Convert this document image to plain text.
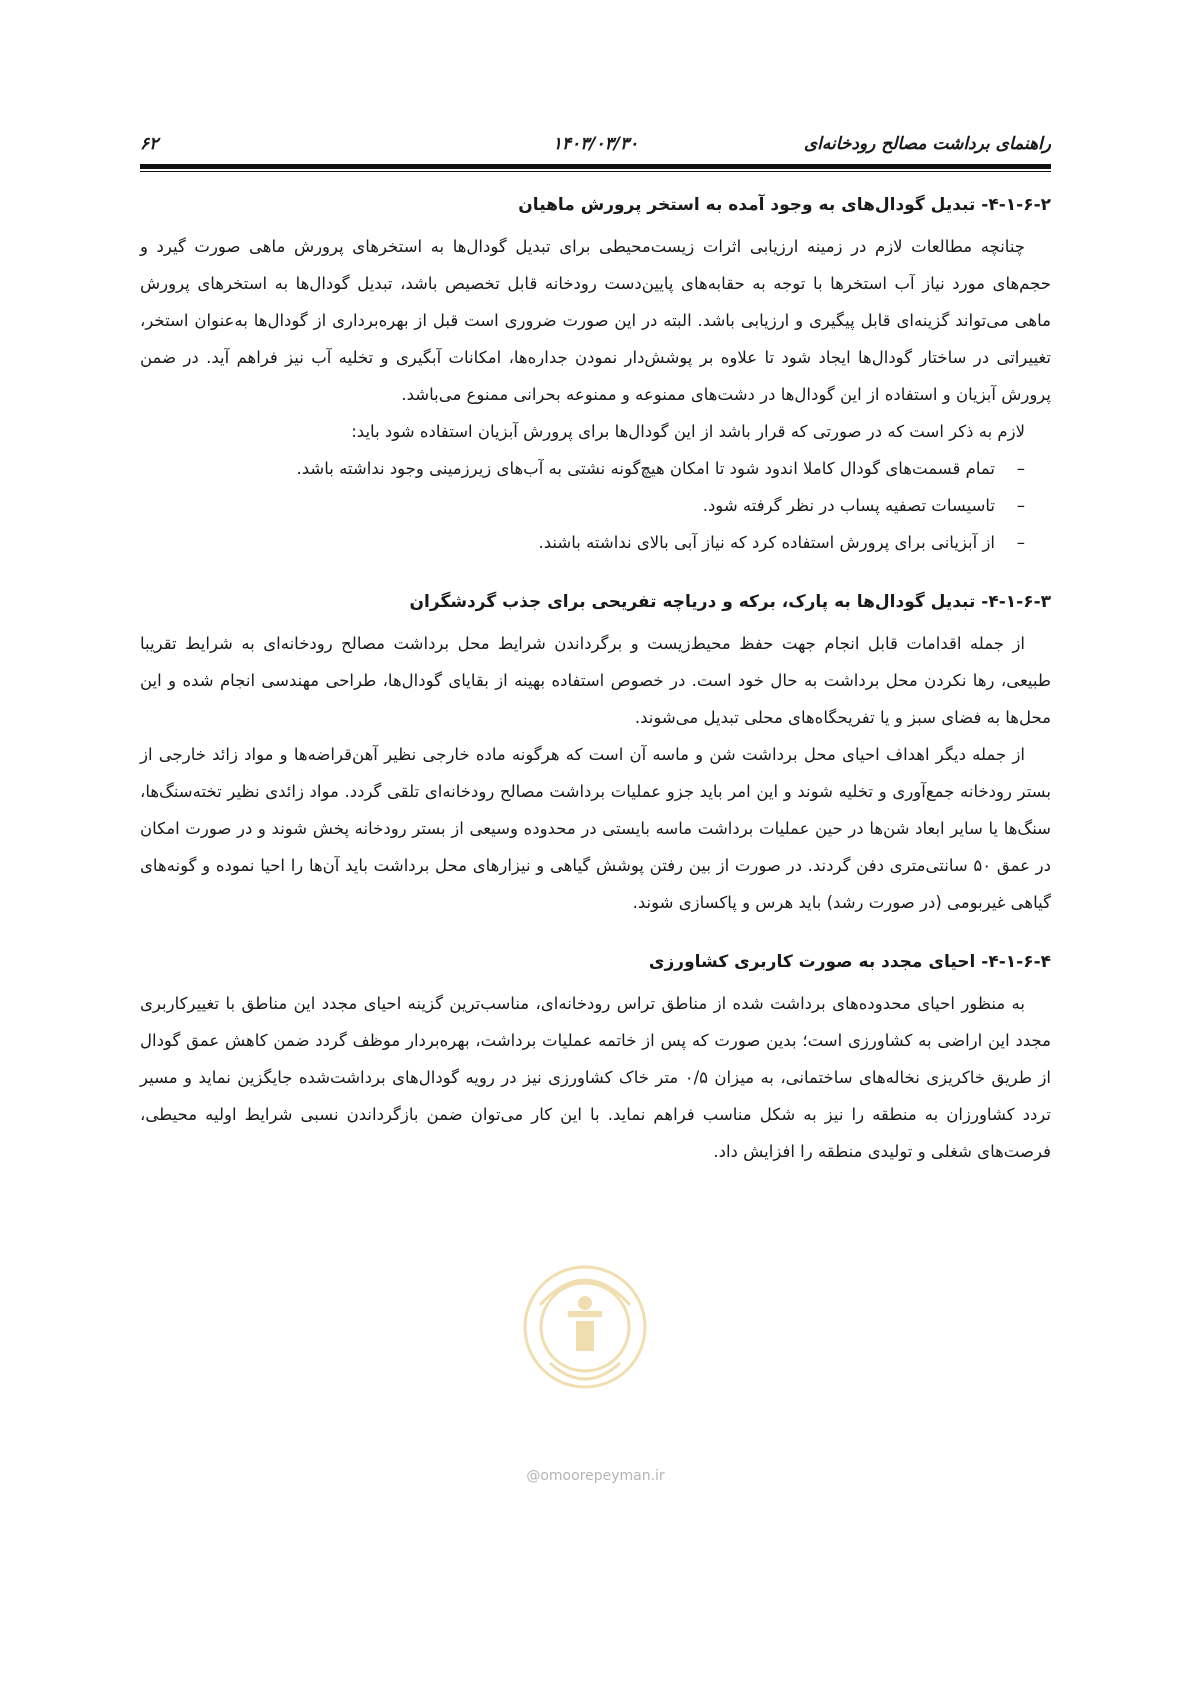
۶۲	۱۴۰۳/۰۳/۳۰	راهنمای برداشت مصالح رودخانه‌ای
۴-۱-۶-۲- تبدیل گودال‌های به وجود آمده به استخر پرورش ماهیان

چنانچه مطالعات لازم در زمینه ارزیابی اثرات زیست‌محیطی برای تبدیل گودال‌ها به استخرهای پرورش ماهی صورت گیرد و حجم‌های مورد نیاز آب استخرها با توجه به حقابه‌های پایین‌دست رودخانه قابل تخصیص باشد، تبدیل گودال‌ها به استخرهای پرورش ماهی می‌تواند گزینه‌ای قابل پیگیری و ارزیابی باشد. البته در این صورت ضروری است قبل از بهره‌برداری از گودال‌ها به‌عنوان استخر، تغییراتی در ساختار گودال‌ها ایجاد شود تا علاوه بر پوشش‌دار نمودن جداره‌ها، امکانات آبگیری و تخلیه آب نیز فراهم آید. در ضمن پرورش آبزیان و استفاده از این گودال‌ها در دشت‌های ممنوعه و ممنوعه بحرانی ممنوع می‌باشد.

لازم به ذکر است که در صورتی که قرار باشد از این گودال‌ها برای پرورش آبزیان استفاده شود باید:

–
تمام قسمت‌های گودال کاملا اندود شود تا امکان هیچ‌گونه نشتی به آب‌های زیرزمینی وجود نداشته باشد.
–
تاسیسات تصفیه پساب در نظر گرفته شود.
–
از آبزیانی برای پرورش استفاده کرد که نیاز آبی بالای نداشته باشند.
۴-۱-۶-۳- تبدیل گودال‌ها به پارک، برکه و دریاچه تفریحی برای جذب گردشگران

از جمله اقدامات قابل انجام جهت حفظ محیط‌زیست و برگرداندن شرایط محل برداشت مصالح رودخانه‌ای به شرایط تقریبا طبیعی، رها نکردن محل برداشت به حال خود است. در خصوص استفاده بهینه از بقایای گودال‌ها، طراحی مهندسی انجام شده و این محل‌ها به فضای سبز و یا تفریحگاه‌های محلی تبدیل می‌شوند.

از جمله دیگر اهداف احیای محل برداشت شن و ماسه آن است که هرگونه ماده خارجی نظیر آهن‌قراضه‌ها و مواد زائد خارجی از بستر رودخانه جمع‌آوری و تخلیه شوند و این امر باید جزو عملیات برداشت مصالح رودخانه‌ای تلقی گردد. مواد زائدی نظیر تخته‌سنگ‌ها، سنگ‌ها یا سایر ابعاد شن‌ها در حین عملیات برداشت ماسه بایستی در محدوده وسیعی از بستر رودخانه پخش شوند و در صورت امکان در عمق ۵۰ سانتی‌متری دفن گردند. در صورت از بین رفتن پوشش گیاهی و نیزارهای محل برداشت باید آن‌ها را احیا نموده و گونه‌های گیاهی غیربومی (در صورت رشد) باید هرس و پاکسازی شوند.

۴-۱-۶-۴- احیای مجدد به صورت کاربری کشاورزی

به منظور احیای محدوده‌های برداشت شده از مناطق تراس رودخانه‌ای، مناسب‌ترین گزینه احیای مجدد این مناطق با تغییرکاربری مجدد این اراضی به کشاورزی است؛ بدین صورت که پس از خاتمه عملیات برداشت، بهره‌بردار موظف گردد ضمن کاهش عمق گودال از طریق خاکریزی نخاله‌های ساختمانی، به میزان ۰/۵ متر خاک کشاورزی نیز در رویه گودال‌های برداشت‌شده جایگزین نماید و مسیر تردد کشاورزان به منطقه را نیز به شکل مناسب فراهم نماید. با این کار می‌توان ضمن بازگرداندن نسبی شرایط اولیه محیطی، فرصت‌های شغلی و تولیدی منطقه را افزایش داد.

@omoorepeyman.ir
